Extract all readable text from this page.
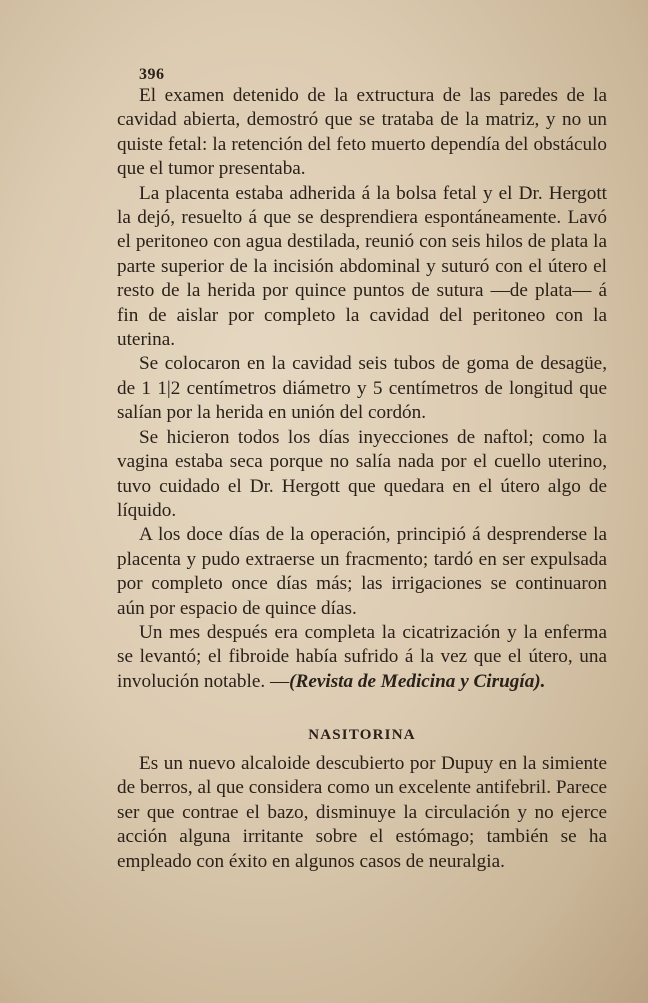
396

El examen detenido de la extructura de las paredes de la cavidad abierta, demostró que se trataba de la matriz, y no un quiste fetal: la retención del feto muerto dependía del obstáculo que el tumor presentaba.

La placenta estaba adherida á la bolsa fetal y el Dr. Hergott la dejó, resuelto á que se desprendiera espontáneamente. Lavó el peritoneo con agua destilada, reunió con seis hilos de plata la parte superior de la incisión abdominal y suturó con el útero el resto de la herida por quince puntos de sutura —de plata— á fin de aislar por completo la cavidad del peritoneo con la uterina.

Se colocaron en la cavidad seis tubos de goma de desagüe, de 1 1|2 centímetros diámetro y 5 centímetros de longitud que salían por la herida en unión del cordón.

Se hicieron todos los días inyecciones de naftol; como la vagina estaba seca porque no salía nada por el cuello uterino, tuvo cuidado el Dr. Hergott que quedara en el útero algo de líquido.

A los doce días de la operación, principió á desprenderse la placenta y pudo extraerse un fracmento; tardó en ser expulsada por completo once días más; las irrigaciones se continuaron aún por espacio de quince días.

Un mes después era completa la cicatrización y la enferma se levantó; el fibroide había sufrido á la vez que el útero, una involución notable. —(Revista de Medicina y Cirugía).

NASITORINA

Es un nuevo alcaloide descubierto por Dupuy en la simiente de berros, al que considera como un excelente antifebril. Parece ser que contrae el bazo, disminuye la circulación y no ejerce acción alguna irritante sobre el estómago; también se ha empleado con éxito en algunos casos de neuralgia.
